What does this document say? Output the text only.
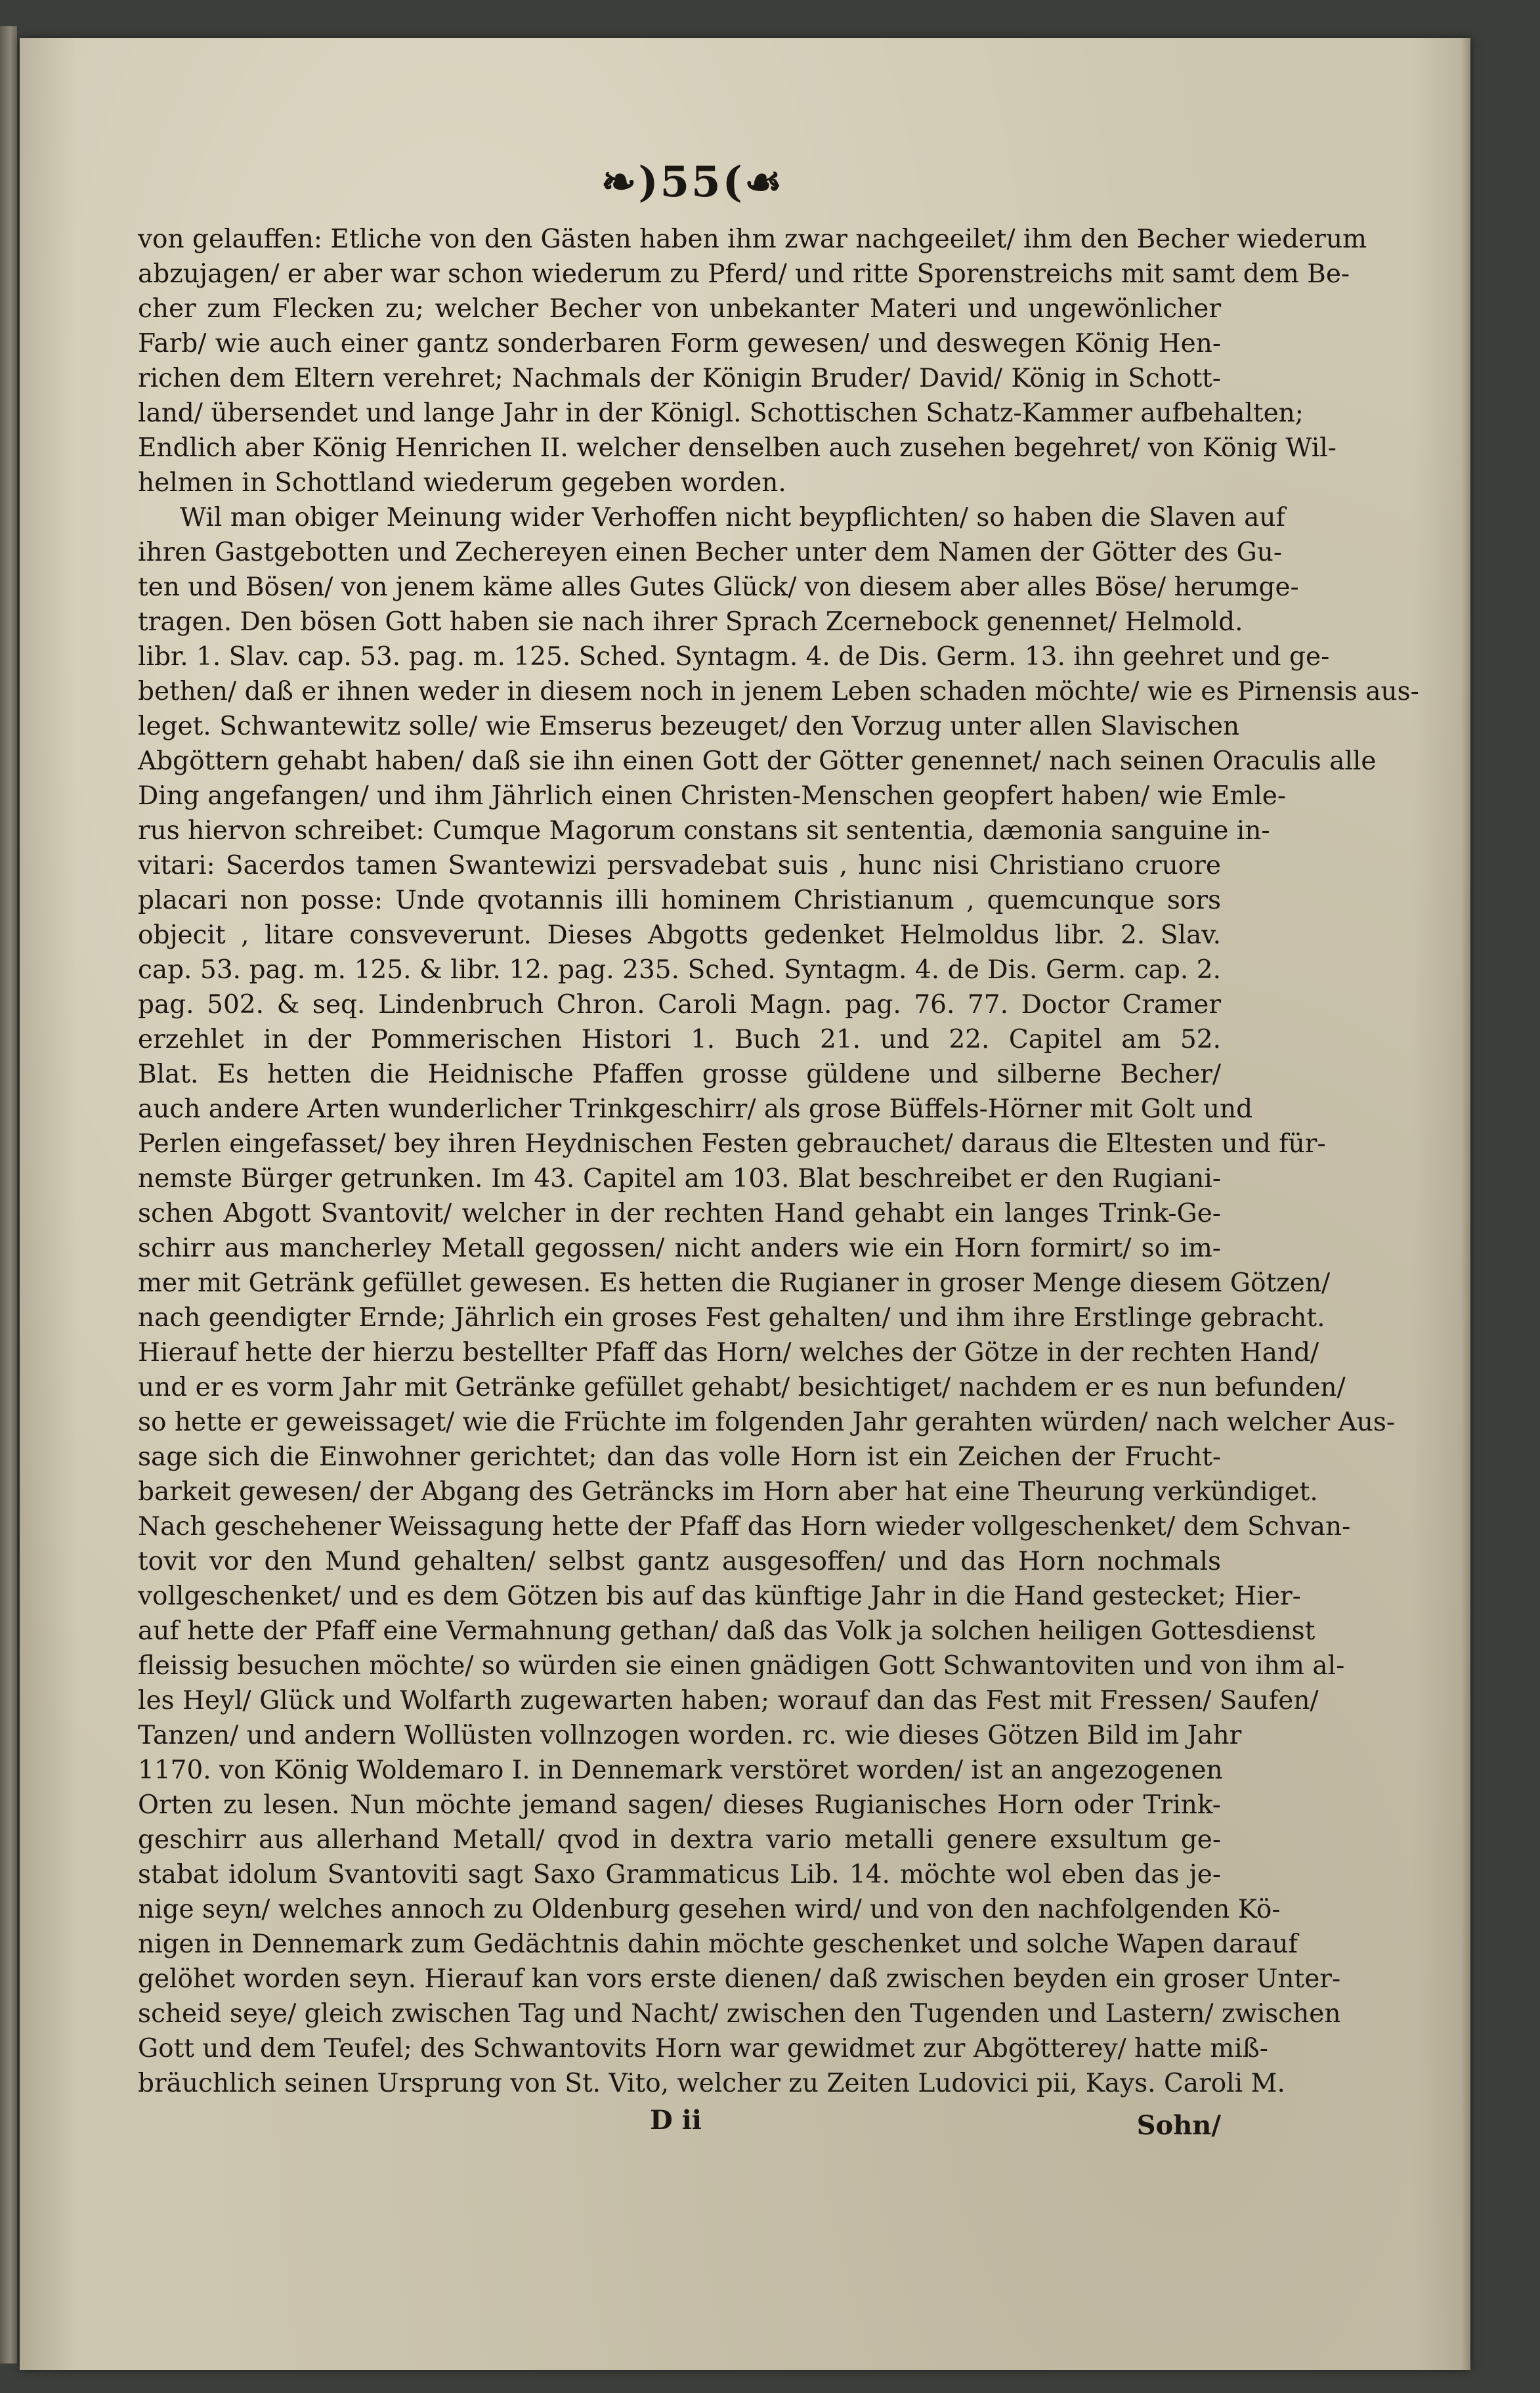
❧)55(☙
von gelauffen: Etliche von den Gästen haben ihm zwar nachgeeilet/ ihm den Becher wiederum
abzujagen/ er aber war schon wiederum zu Pferd/ und ritte Sporenstreichs mit samt dem Be-
cher zum Flecken zu; welcher Becher von unbekanter Materi und ungewönlicher
Farb/ wie auch einer gantz sonderbaren Form gewesen/ und deswegen König Hen-
richen dem Eltern verehret; Nachmals der Königin Bruder/ David/ König in Schott-
land/ übersendet und lange Jahr in der Königl. Schottischen Schatz-Kammer aufbehalten;
Endlich aber König Henrichen II. welcher denselben auch zusehen begehret/ von König Wil-
helmen in Schottland wiederum gegeben worden.
Wil man obiger Meinung wider Verhoffen nicht beypflichten/ so haben die Slaven auf
ihren Gastgebotten und Zechereyen einen Becher unter dem Namen der Götter des Gu-
ten und Bösen/ von jenem käme alles Gutes Glück/ von diesem aber alles Böse/ herumge-
tragen. Den bösen Gott haben sie nach ihrer Sprach Zcernebock genennet/ Helmold.
libr. 1. Slav. cap. 53. pag. m. 125. Sched. Syntagm. 4. de Dis. Germ. 13. ihn geehret und ge-
bethen/ daß er ihnen weder in diesem noch in jenem Leben schaden möchte/ wie es Pirnensis aus-
leget. Schwantewitz solle/ wie Emserus bezeuget/ den Vorzug unter allen Slavischen
Abgöttern gehabt haben/ daß sie ihn einen Gott der Götter genennet/ nach seinen Oraculis alle
Ding angefangen/ und ihm Jährlich einen Christen-Menschen geopfert haben/ wie Emle-
rus hiervon schreibet: Cumque Magorum constans sit sententia, dæmonia sanguine in-
vitari: Sacerdos tamen Swantewizi persvadebat suis , hunc nisi Christiano cruore
placari non posse: Unde qvotannis illi hominem Christianum , quemcunque sors
objecit , litare consveverunt. Dieses Abgotts gedenket Helmoldus libr. 2. Slav.
cap. 53. pag. m. 125. & libr. 12. pag. 235. Sched. Syntagm. 4. de Dis. Germ. cap. 2.
pag. 502. & seq. Lindenbruch Chron. Caroli Magn. pag. 76. 77. Doctor Cramer
erzehlet in der Pommerischen Histori 1. Buch 21. und 22. Capitel am 52.
Blat. Es hetten die Heidnische Pfaffen grosse güldene und silberne Becher/
auch andere Arten wunderlicher Trinkgeschirr/ als grose Büffels-Hörner mit Golt und
Perlen eingefasset/ bey ihren Heydnischen Festen gebrauchet/ daraus die Eltesten und für-
nemste Bürger getrunken. Im 43. Capitel am 103. Blat beschreibet er den Rugiani-
schen Abgott Svantovit/ welcher in der rechten Hand gehabt ein langes Trink-Ge-
schirr aus mancherley Metall gegossen/ nicht anders wie ein Horn formirt/ so im-
mer mit Getränk gefüllet gewesen. Es hetten die Rugianer in groser Menge diesem Götzen/
nach geendigter Ernde; Jährlich ein groses Fest gehalten/ und ihm ihre Erstlinge gebracht.
Hierauf hette der hierzu bestellter Pfaff das Horn/ welches der Götze in der rechten Hand/
und er es vorm Jahr mit Getränke gefüllet gehabt/ besichtiget/ nachdem er es nun befunden/
so hette er geweissaget/ wie die Früchte im folgenden Jahr gerahten würden/ nach welcher Aus-
sage sich die Einwohner gerichtet; dan das volle Horn ist ein Zeichen der Frucht-
barkeit gewesen/ der Abgang des Geträncks im Horn aber hat eine Theurung verkündiget.
Nach geschehener Weissagung hette der Pfaff das Horn wieder vollgeschenket/ dem Schvan-
tovit vor den Mund gehalten/ selbst gantz ausgesoffen/ und das Horn nochmals
vollgeschenket/ und es dem Götzen bis auf das künftige Jahr in die Hand gestecket; Hier-
auf hette der Pfaff eine Vermahnung gethan/ daß das Volk ja solchen heiligen Gottesdienst
fleissig besuchen möchte/ so würden sie einen gnädigen Gott Schwantoviten und von ihm al-
les Heyl/ Glück und Wolfarth zugewarten haben; worauf dan das Fest mit Fressen/ Saufen/
Tanzen/ und andern Wollüsten vollnzogen worden. rc. wie dieses Götzen Bild im Jahr
1170. von König Woldemaro I. in Dennemark verstöret worden/ ist an angezogenen
Orten zu lesen. Nun möchte jemand sagen/ dieses Rugianisches Horn oder Trink-
geschirr aus allerhand Metall/ qvod in dextra vario metalli genere exsultum ge-
stabat idolum Svantoviti sagt Saxo Grammaticus Lib. 14. möchte wol eben das je-
nige seyn/ welches annoch zu Oldenburg gesehen wird/ und von den nachfolgenden Kö-
nigen in Dennemark zum Gedächtnis dahin möchte geschenket und solche Wapen darauf
gelöhet worden seyn. Hierauf kan vors erste dienen/ daß zwischen beyden ein groser Unter-
scheid seye/ gleich zwischen Tag und Nacht/ zwischen den Tugenden und Lastern/ zwischen
Gott und dem Teufel; des Schwantovits Horn war gewidmet zur Abgötterey/ hatte miß-
bräuchlich seinen Ursprung von St. Vito, welcher zu Zeiten Ludovici pii, Kays. Caroli M.
D ii	Sohn/
